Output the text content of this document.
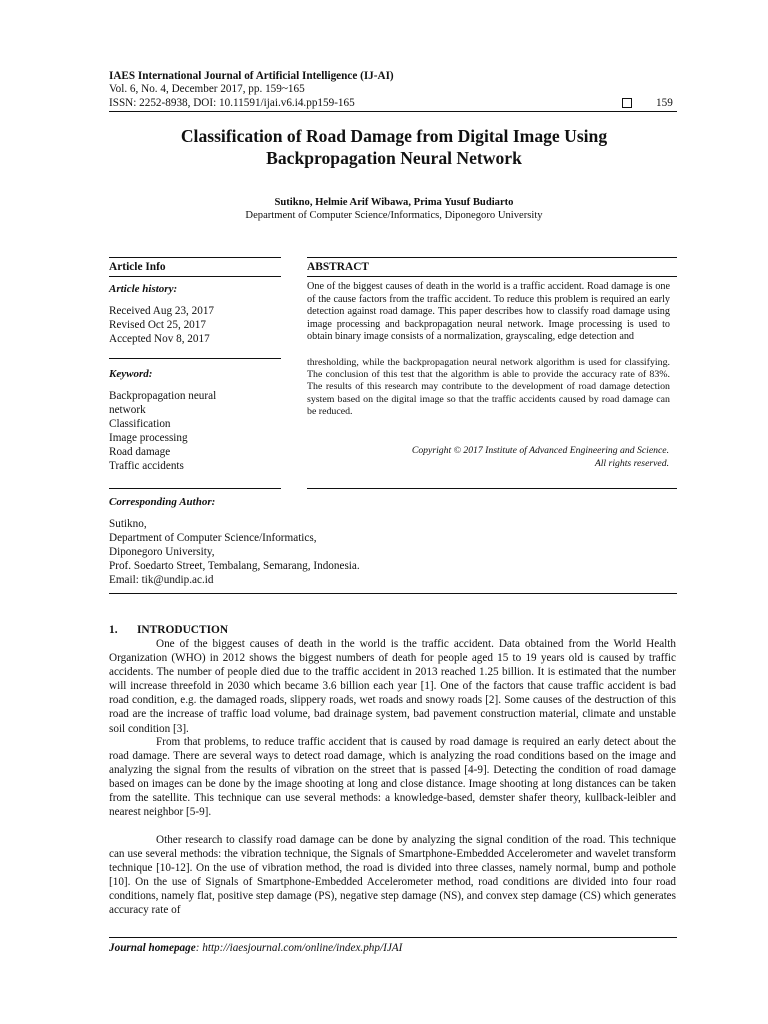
IAES International Journal of Artificial Intelligence (IJ-AI)
Vol. 6, No. 4, December 2017, pp. 159~165
ISSN: 2252-8938, DOI: 10.11591/ijai.v6.i4.pp159-165	159
Classification of Road Damage from Digital Image Using
Backpropagation Neural Network
Sutikno, Helmie Arif Wibawa, Prima Yusuf Budiarto
Department of Computer Science/Informatics, Diponegoro University
Article Info	ABSTRACT
Article history:
Received Aug 23, 2017
Revised Oct 25, 2017
Accepted Nov 8, 2017
Keyword:
Backpropagation neural
network
Classification
Image processing
Road damage
Traffic accidents
One of the biggest causes of death in the world is a traffic accident. Road damage is one of the cause factors from the traffic accident. To reduce this problem is required an early detection against road damage. This paper describes how to classify road damage using image processing and backpropagation neural network. Image processing is used to obtain binary image consists of a normalization, grayscaling, edge detection and
thresholding, while the backpropagation neural network algorithm is used for classifying. The conclusion of this test that the algorithm is able to provide the accuracy rate of 83%. The results of this research may contribute to the development of road damage detection system based on the digital image so that the traffic accidents caused by road damage can be reduced.
Copyright © 2017 Institute of Advanced Engineering and Science.
All rights reserved.
Corresponding Author:
Sutikno,
Department of Computer Science/Informatics,
Diponegoro University,
Prof. Soedarto Street, Tembalang, Semarang, Indonesia.
Email: tik@undip.ac.id
1. INTRODUCTION
One of the biggest causes of death in the world is the traffic accident. Data obtained from the World Health Organization (WHO) in 2012 shows the biggest numbers of death for people aged 15 to 19 years old is caused by traffic accidents. The number of people died due to the traffic accident in 2013 reached 1.25 billion. It is estimated that the number will increase threefold in 2030 which became 3.6 billion each year [1]. One of the factors that cause traffic accident is bad road condition, e.g. the damaged roads, slippery roads, wet roads and snowy roads [2]. Some causes of the destruction of this road are the increase of traffic load volume, bad drainage system, bad pavement construction material, climate and unstable soil condition [3].
From that problems, to reduce traffic accident that is caused by road damage is required an early detect about the road damage. There are several ways to detect road damage, which is analyzing the road conditions based on the image and analyzing the signal from the results of vibration on the street that is passed [4-9]. Detecting the condition of road damage based on images can be done by the image shooting at long and close distance. Image shooting at long distances can be taken from the satellite. This technique can use several methods: a knowledge-based, demster shafer theory, kullback-leibler and nearest neighbor [5-9].
Other research to classify road damage can be done by analyzing the signal condition of the road. This technique can use several methods: the vibration technique, the Signals of Smartphone-Embedded Accelerometer and wavelet transform technique [10-12]. On the use of vibration method, the road is divided into three classes, namely normal, bump and pothole [10]. On the use of Signals of Smartphone-Embedded Accelerometer method, road conditions are divided into four road conditions, namely flat, positive step damage (PS), negative step damage (NS), and convex step damage (CS) which generates accuracy rate of
Journal homepage: http://iaesjournal.com/online/index.php/IJAI
